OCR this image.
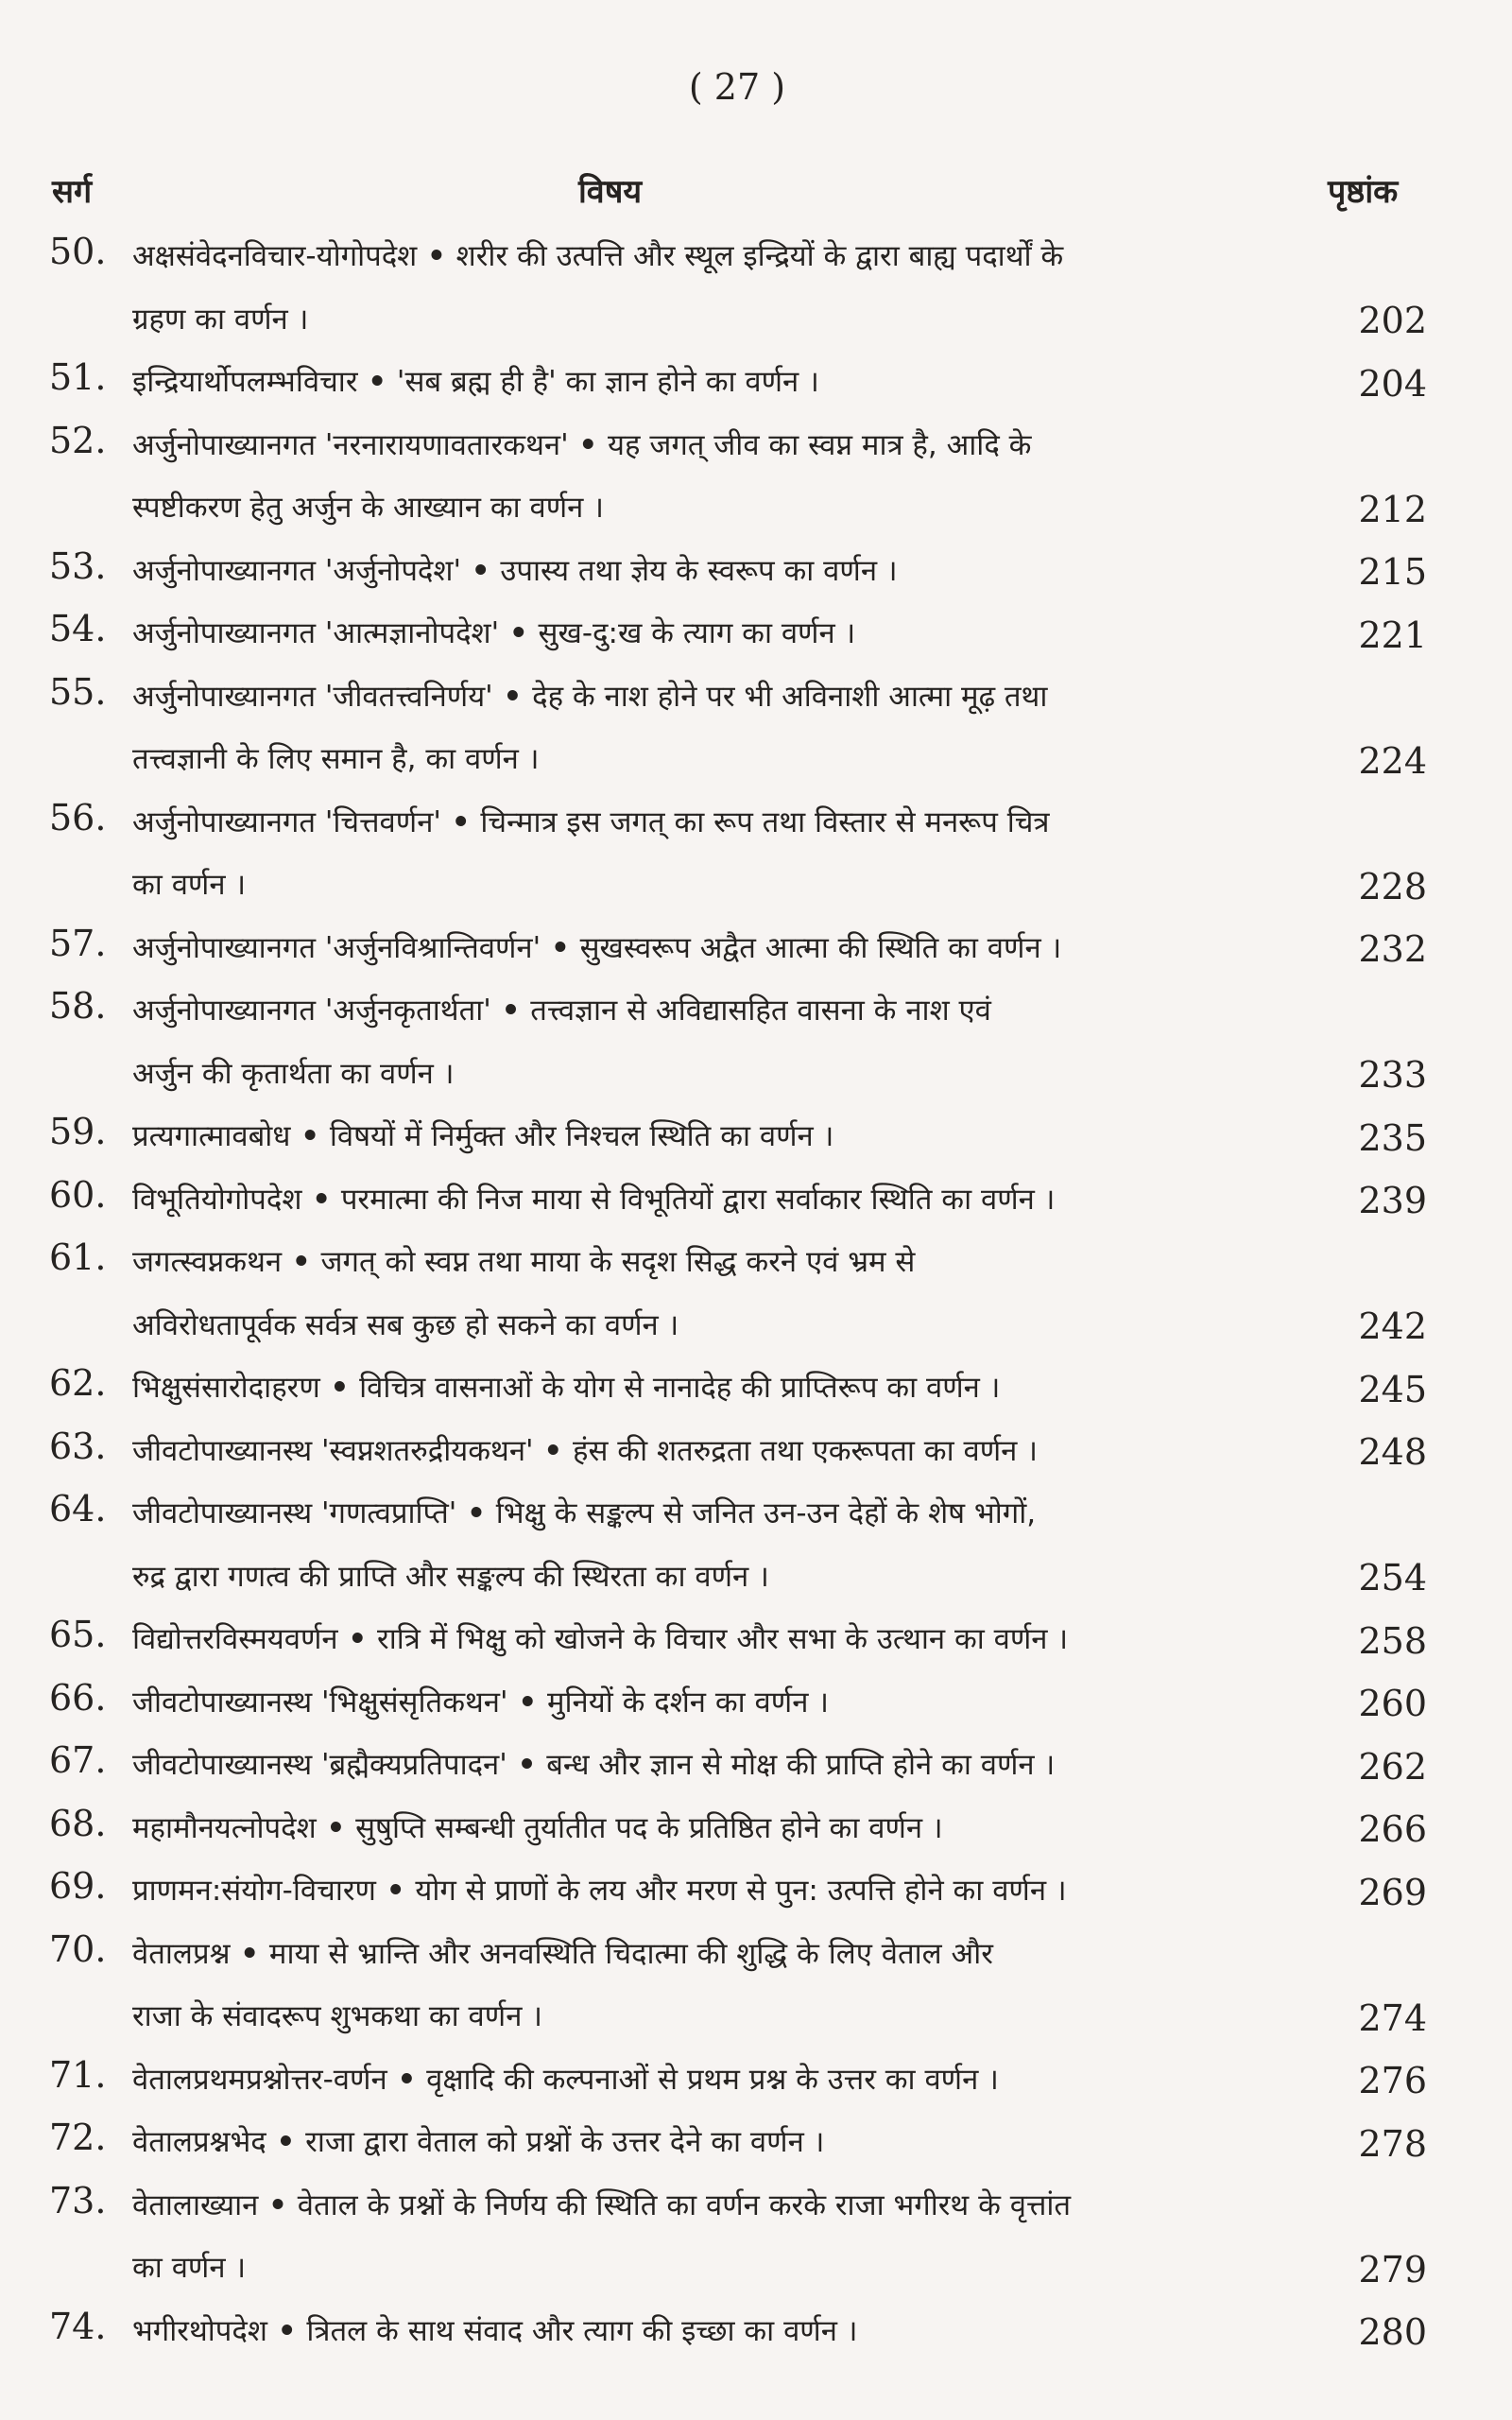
( 27 )
सर्ग	विषय	पृष्ठांक
50. अक्षसंवेदनविचार-योगोपदेश • शरीर की उत्पत्ति और स्थूल इन्द्रियों के द्वारा बाह्य पदार्थों के
ग्रहण का वर्णन ।	202
51. इन्द्रियार्थोपलम्भविचार • 'सब ब्रह्म ही है' का ज्ञान होने का वर्णन ।	204
52. अर्जुनोपाख्यानगत 'नरनारायणावतारकथन' • यह जगत् जीव का स्वप्न मात्र है, आदि के
स्पष्टीकरण हेतु अर्जुन के आख्यान का वर्णन ।	212
53. अर्जुनोपाख्यानगत 'अर्जुनोपदेश' • उपास्य तथा ज्ञेय के स्वरूप का वर्णन ।	215
54. अर्जुनोपाख्यानगत 'आत्मज्ञानोपदेश' • सुख-दु:ख के त्याग का वर्णन ।	221
55. अर्जुनोपाख्यानगत 'जीवतत्त्वनिर्णय' • देह के नाश होने पर भी अविनाशी आत्मा मूढ़ तथा
तत्त्वज्ञानी के लिए समान है, का वर्णन ।	224
56. अर्जुनोपाख्यानगत 'चित्तवर्णन' • चिन्मात्र इस जगत् का रूप तथा विस्तार से मनरूप चित्र
का वर्णन ।	228
57. अर्जुनोपाख्यानगत 'अर्जुनविश्रान्तिवर्णन' • सुखस्वरूप अद्वैत आत्मा की स्थिति का वर्णन ।	232
58. अर्जुनोपाख्यानगत 'अर्जुनकृतार्थता' • तत्त्वज्ञान से अविद्यासहित वासना के नाश एवं
अर्जुन की कृतार्थता का वर्णन ।	233
59. प्रत्यगात्मावबोध • विषयों में निर्मुक्त और निश्चल स्थिति का वर्णन ।	235
60. विभूतियोगोपदेश • परमात्मा की निज माया से विभूतियों द्वारा सर्वाकार स्थिति का वर्णन ।	239
61. जगत्स्वप्नकथन • जगत् को स्वप्न तथा माया के सदृश सिद्ध करने एवं भ्रम से
अविरोधतापूर्वक सर्वत्र सब कुछ हो सकने का वर्णन ।	242
62. भिक्षुसंसारोदाहरण • विचित्र वासनाओं के योग से नानादेह की प्राप्तिरूप का वर्णन ।	245
63. जीवटोपाख्यानस्थ 'स्वप्नशतरुद्रीयकथन' • हंस की शतरुद्रता तथा एकरूपता का वर्णन ।	248
64. जीवटोपाख्यानस्थ 'गणत्वप्राप्ति' • भिक्षु के सङ्कल्प से जनित उन-उन देहों के शेष भोगों,
रुद्र द्वारा गणत्व की प्राप्ति और सङ्कल्प की स्थिरता का वर्णन ।	254
65. विद्योत्तरविस्मयवर्णन • रात्रि में भिक्षु को खोजने के विचार और सभा के उत्थान का वर्णन ।	258
66. जीवटोपाख्यानस्थ 'भिक्षुसंसृतिकथन' • मुनियों के दर्शन का वर्णन ।	260
67. जीवटोपाख्यानस्थ 'ब्रह्मैक्यप्रतिपादन' • बन्ध और ज्ञान से मोक्ष की प्राप्ति होने का वर्णन ।	262
68. महामौनयत्नोपदेश • सुषुप्ति सम्बन्धी तुर्यातीत पद के प्रतिष्ठित होने का वर्णन ।	266
69. प्राणमन:संयोग-विचारण • योग से प्राणों के लय और मरण से पुन: उत्पत्ति होने का वर्णन ।	269
70. वेतालप्रश्न • माया से भ्रान्ति और अनवस्थिति चिदात्मा की शुद्धि के लिए वेताल और
राजा के संवादरूप शुभकथा का वर्णन ।	274
71. वेतालप्रथमप्रश्नोत्तर-वर्णन • वृक्षादि की कल्पनाओं से प्रथम प्रश्न के उत्तर का वर्णन ।	276
72. वेतालप्रश्नभेद • राजा द्वारा वेताल को प्रश्नों के उत्तर देने का वर्णन ।	278
73. वेतालाख्यान • वेताल के प्रश्नों के निर्णय की स्थिति का वर्णन करके राजा भगीरथ के वृत्तांत
का वर्णन ।	279
74. भगीरथोपदेश • त्रितल के साथ संवाद और त्याग की इच्छा का वर्णन ।	280
